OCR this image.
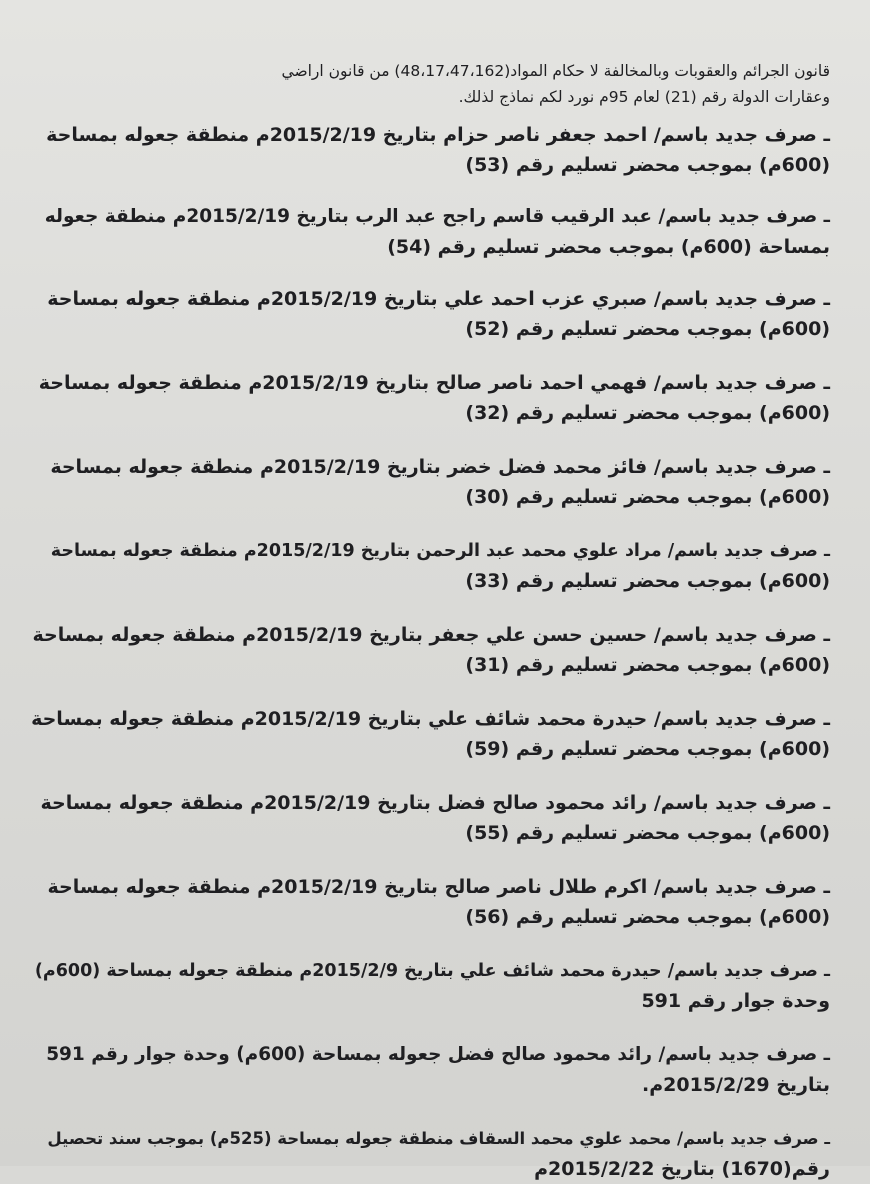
قانون الجرائم والعقوبات وبالمخالفة لا حكام المواد(48،17،47،162) من قانون اراضي
وعقارات الدولة رقم (21) لعام 95م نورد لكم نماذج لذلك.

ـ صرف جديد باسم/ احمد جعفر ناصر حزام بتاريخ 2015/2/19م منطقة جعوله بمساحة
(600م) بموجب محضر تسليم رقم (53)
ـ صرف جديد باسم/ عبد الرقيب قاسم راجح عبد الرب بتاريخ 2015/2/19م منطقة جعوله
بمساحة (600م) بموجب محضر تسليم رقم (54)
ـ صرف جديد باسم/ صبري عزب احمد علي بتاريخ 2015/2/19م منطقة جعوله بمساحة
(600م) بموجب محضر تسليم رقم (52)
ـ صرف جديد باسم/ فهمي احمد ناصر صالح بتاريخ 2015/2/19م منطقة جعوله بمساحة
(600م) بموجب محضر تسليم رقم (32)
ـ صرف جديد باسم/ فائز محمد فضل خضر بتاريخ 2015/2/19م منطقة جعوله بمساحة
(600م) بموجب محضر تسليم رقم (30)
ـ صرف جديد باسم/ مراد علوي محمد عبد الرحمن بتاريخ 2015/2/19م منطقة جعوله بمساحة
(600م) بموجب محضر تسليم رقم (33)
ـ صرف جديد باسم/ حسين حسن علي جعفر بتاريخ 2015/2/19م منطقة جعوله بمساحة
(600م) بموجب محضر تسليم رقم (31)
ـ صرف جديد باسم/ حيدرة محمد شائف علي بتاريخ 2015/2/19م منطقة جعوله بمساحة
(600م) بموجب محضر تسليم رقم (59)
ـ صرف جديد باسم/ رائد محمود صالح فضل بتاريخ 2015/2/19م منطقة جعوله بمساحة
(600م) بموجب محضر تسليم رقم (55)
ـ صرف جديد باسم/ اكرم طلال ناصر صالح بتاريخ 2015/2/19م منطقة جعوله بمساحة
(600م) بموجب محضر تسليم رقم (56)
ـ صرف جديد باسم/ حيدرة محمد شائف علي بتاريخ 2015/2/9م منطقة جعوله بمساحة (600م)
وحدة جوار رقم 591
ـ صرف جديد باسم/ رائد محمود صالح فضل جعوله بمساحة (600م) وحدة جوار رقم 591
بتاريخ 2015/2/29م.
ـ صرف جديد باسم/ محمد علوي محمد السقاف منطقة جعوله بمساحة (525م) بموجب سند تحصيل
رقم(1670) بتاريخ 2015/2/22م
